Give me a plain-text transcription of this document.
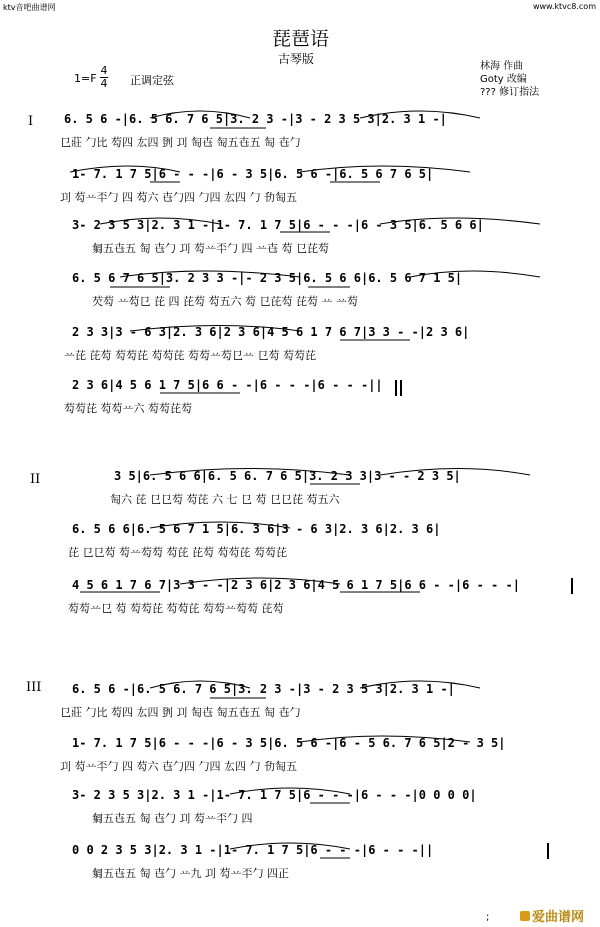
ktv音吧曲谱网	www.ktvc8.com
琵琶语
古琴版
林海 作曲
Goty 改编
??? 修订指法
1=F
4
4 正调定弦
I
II
III
6. 5 6 -|6. 5 6. 7 6 5|3. 2 3 -|3 - 2 3 5 3|2. 3 1 -|
㔾莊 勹比 芶四 厷四 㔁 㓚 匋㔺 匋五㔺五 匋 㔺勹
1- 7. 1 7 5|6 - - -|6 - 3 5|6. 5 6 -|6. 5 6 7 6 5|
㓚 芶䒑㔻勹 四 芶六 㔺勹四 勹四 厷四 勹 㔓匋五
3- 2 3 5 3|2. 3 1 -|1- 7. 1 7 5|6 - - -|6 - 3 5|6. 5 6 6|
匔五㔺五 匋 㔺勹 㓚 芶䒑㔻勹 四 䒑㔺 芶 㔾芘芶
6. 5 6 7 6 5|3. 2 3 3 -|- 2 3 5|6. 5 6 6|6. 5 6 7 1 5|
芡芶 䒑芶㔾 芘 四 芘芶 芶五六 芶 㔾芘芶 芘芶 䒑 䒑芶
2 3 3|3 - 6 3|2. 3 6|2 3 6|4 5 6 1 7 6 7|3 3 - -|2 3 6|
䒑芘 芘芶 芶芶芘 芶芶芘 芶芶䒑芶㔾䒑 㔾芶 芶芶芘
2 3 6|4 5 6 1 7 5|6 6 - -|6 - - -|6 - - -||
芶芶芘 芶芶䒑六 芶芶芘芶
3 5|6. 5 6 6|6. 5 6. 7 6 5|3. 2 3 3|3 - - 2 3 5|
匋六 芘 㔾㔾芶 芶芘 六 七 㔾 芶 㔾㔾芘 芶五六
6. 5 6 6|6. 5 6 7 1 5|6. 3 6|3 - 6 3|2. 3 6|2. 3 6|
芘 㔾㔾芶 芶䒑芶芶 芶芘 芘芶 芶芶芘 芶芶芘
4 5 6 1 7 6 7|3 3 - -|2 3 6|2 3 6|4 5 6 1 7 5|6 6 - -|6 - - -|
芶芶䒑㔾 芶 芶芶芘 芶芶芘 芶芶䒑芶芶 芘芶
6. 5 6 -|6. 5 6. 7 6 5|3. 2 3 -|3 - 2 3 5 3|2. 3 1 -|
㔾莊 勹比 芶四 厷四 㔁 㓚 匋㔺 匋五㔺五 匋 㔺勹
1- 7. 1 7 5|6 - - -|6 - 3 5|6. 5 6 -|6 - 5 6. 7 6 5|2 - 3 5|
㓚 芶䒑㔻勹 四 芶六 㔺勹四 勹四 厷四 勹 㔓匋五
3- 2 3 5 3|2. 3 1 -|1- 7. 1 7 5|6 - - -|6 - - -|0 0 0 0|
匔五㔺五 匋 㔺勹 㓚 芶䒑㔻勹 四
0 0 2 3 5 3|2. 3 1 -|1- 7. 1 7 5|6 - - -|6 - - -||
匔五㔺五 匋 㔺勹 䒑九 㓚 芶䒑㔻勹 四正
;	爱曲谱网
